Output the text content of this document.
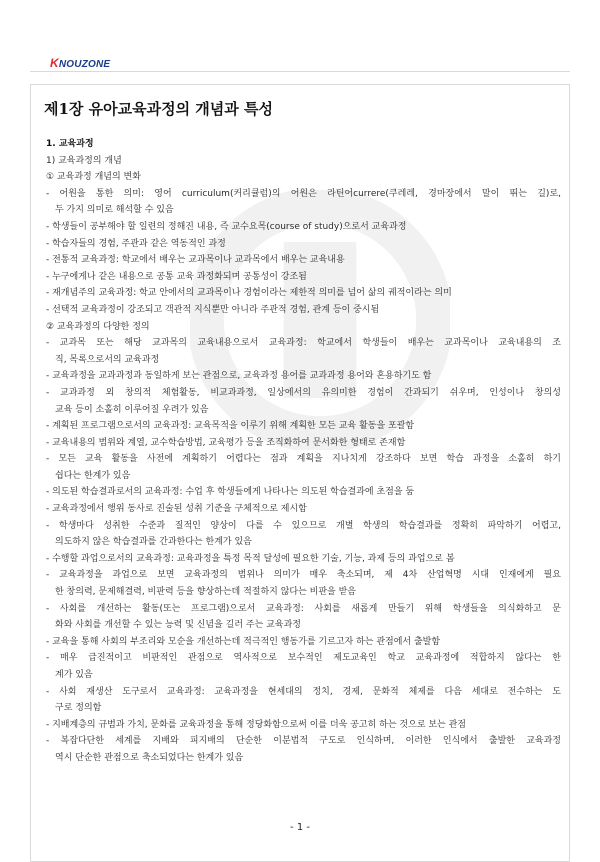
KNOUZONE
제1장 유아교육과정의 개념과 특성
1. 교육과정
1) 교육과정의 개념
① 교육과정 개념의 변화
- 어원을 통한 의미: 영어 curriculum(커리큘럼)의 어원은 라틴어currere(쿠레레, 경마장에서 말이 뛰는 길)로,
두 가지 의미로 해석할 수 있음
- 학생들이 공부해야 할 일련의 정해진 내용, 즉 교수요목(course of study)으로서 교육과정
- 학습자들의 경험, 주관과 같은 역동적인 과정
- 전통적 교육과정: 학교에서 배우는 교과목이나 교과목에서 배우는 교육내용
- 누구에게나 같은 내용으로 공통 교육 과정화되며 공통성이 강조됨
- 재개념주의 교육과정: 학교 안에서의 교과목이나 경험이라는 제한적 의미를 넘어 삶의 궤적이라는 의미
- 선택적 교육과정이 강조되고 객관적 지식뿐만 아니라 주관적 경험, 관계 등이 중시됨
② 교육과정의 다양한 정의
- 교과목 또는 해당 교과목의 교육내용으로서 교육과정: 학교에서 학생들이 배우는 교과목이나 교육내용의 조
직, 목록으로서의 교육과정
- 교육과정을 교과과정과 동일하게 보는 관점으로, 교육과정 용어를 교과과정 용어와 혼용하기도 함
- 교과과정 외 창의적 체험활동, 비교과과정, 일상에서의 유의미한 경험이 간과되기 쉬우며, 인성이나 창의성
교육 등이 소홀히 이루어질 우려가 있음
- 계획된 프로그램으로서의 교육과정: 교육목적을 이루기 위해 계획한 모든 교육 활동을 포괄함
- 교육내용의 범위와 계열, 교수학습방법, 교육평가 등을 조직화하여 문서화한 형태로 존재함
- 모든 교육 활동을 사전에 계획하기 어렵다는 점과 계획을 지나치게 강조하다 보면 학습 과정을 소홀히 하기
쉽다는 한계가 있음
- 의도된 학습결과로서의 교육과정: 수업 후 학생들에게 나타나는 의도된 학습결과에 초점을 둠
- 교육과정에서 행위 동사로 진술된 성취 기준을 구체적으로 제시함
- 학생마다 성취한 수준과 질적인 양상이 다를 수 있으므로 개별 학생의 학습결과를 정확히 파악하기 어렵고,
의도하지 않은 학습결과를 간과한다는 한계가 있음
- 수행할 과업으로서의 교육과정: 교육과정을 특정 목적 달성에 필요한 기술, 기능, 과제 등의 과업으로 봄
- 교육과정을 과업으로 보면 교육과정의 범위나 의미가 매우 축소되며, 제 4차 산업혁명 시대 인재에게 필요
한 창의력, 문제해결력, 비판력 등을 향상하는데 적절하지 않다는 비판을 받음
- 사회를 개선하는 활동(또는 프로그램)으로서 교육과정: 사회를 새롭게 만들기 위해 학생들을 의식화하고 문
화와 사회를 개선할 수 있는 능력 및 신념을 길러 주는 교육과정
- 교육을 통해 사회의 부조리와 모순을 개선하는데 적극적인 행동가를 기르고자 하는 관점에서 출발함
- 매우 급진적이고 비판적인 관점으로 역사적으로 보수적인 제도교육인 학교 교육과정에 적합하지 않다는 한
계가 있음
- 사회 재생산 도구로서 교육과정: 교육과정을 현세대의 정치, 경제, 문화적 체제를 다음 세대로 전수하는 도
구로 정의함
- 지배계층의 규범과 가치, 문화를 교육과정을 통해 정당화함으로써 이를 더욱 공고히 하는 것으로 보는 관점
- 복잡다단한 세계를 지배와 피지배의 단순한 이분법적 구도로 인식하며, 이러한 인식에서 출발한 교육과정
역시 단순한 관점으로 축소되었다는 한계가 있음
- 1 -
